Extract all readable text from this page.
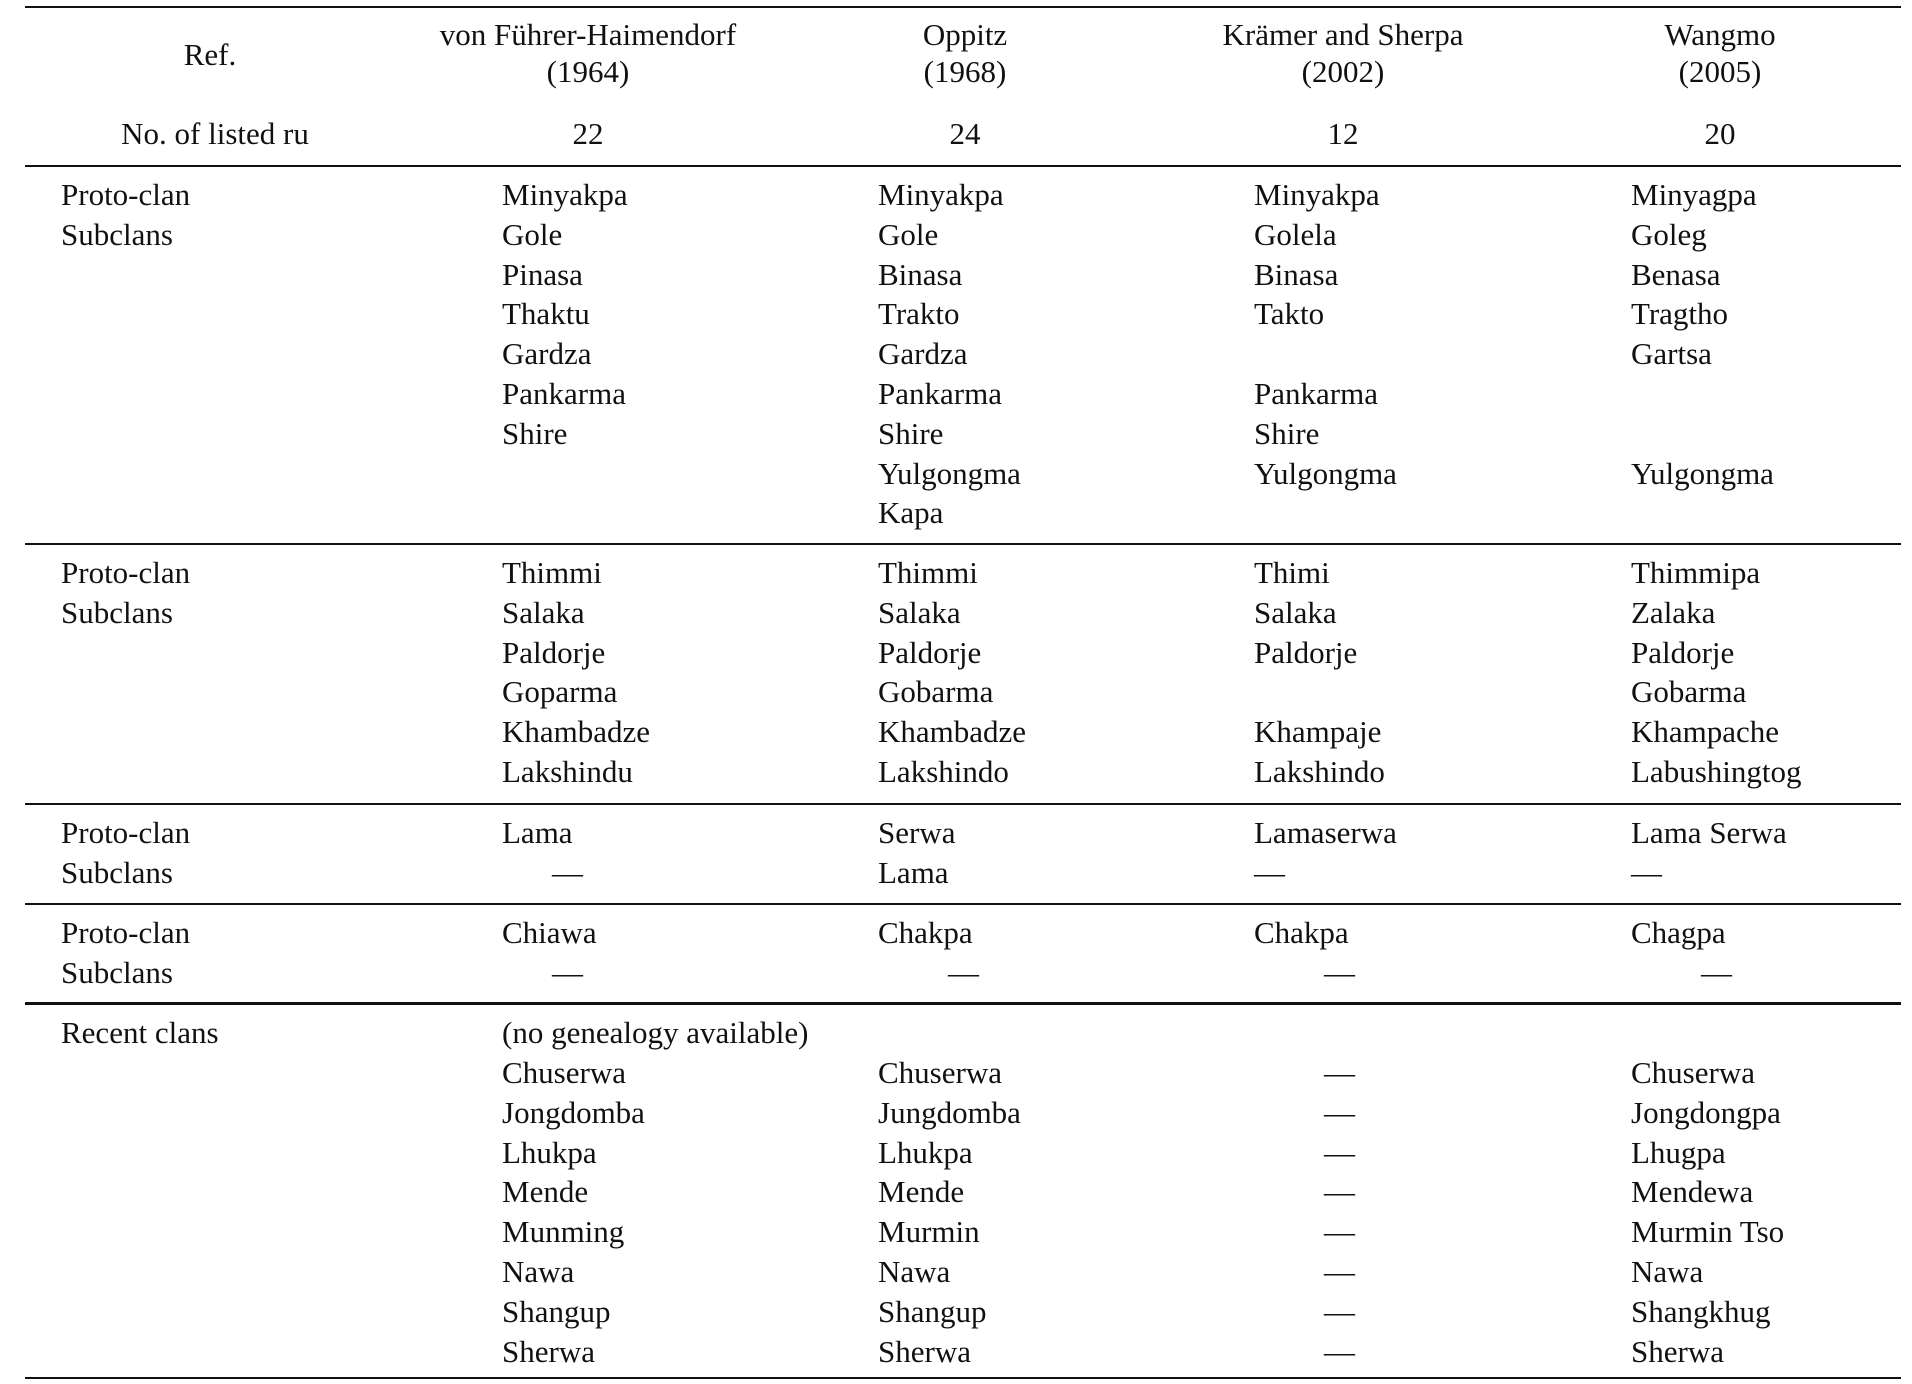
Ref.
No. of listed ru
von Führer-Haimendorf
(1964)
22
Oppitz
(1968)
24
Krämer and Sherpa
(2002)
12
Wangmo
(2005)
20
Proto-clan
Subclans
Minyakpa
Gole
Pinasa
Thaktu
Gardza
Pankarma
Shire
Minyakpa
Gole
Binasa
Trakto
Gardza
Pankarma
Shire
Yulgongma
Kapa
Minyakpa
Golela
Binasa
Takto
Pankarma
Shire
Yulgongma
Minyagpa
Goleg
Benasa
Tragtho
Gartsa
Yulgongma
Proto-clan
Subclans
Thimmi
Salaka
Paldorje
Goparma
Khambadze
Lakshindu
Thimmi
Salaka
Paldorje
Gobarma
Khambadze
Lakshindo
Thimi
Salaka
Paldorje
Khampaje
Lakshindo
Thimmipa
Zalaka
Paldorje
Gobarma
Khampache
Labushingtog
Proto-clan
Subclans
Lama
—
Serwa
Lama
Lamaserwa
—
Lama Serwa
—
Proto-clan
Subclans
Chiawa
—
Chakpa
—
Chakpa
—
Chagpa
—
Recent clans	(no genealogy available)
Chuserwa
Jongdomba
Lhukpa
Mende
Munming
Nawa
Shangup
Sherwa
Chuserwa
Jungdomba
Lhukpa
Mende
Murmin
Nawa
Shangup
Sherwa
—
—
—
—
—
—
—
—
Chuserwa
Jongdongpa
Lhugpa
Mendewa
Murmin Tso
Nawa
Shangkhug
Sherwa
